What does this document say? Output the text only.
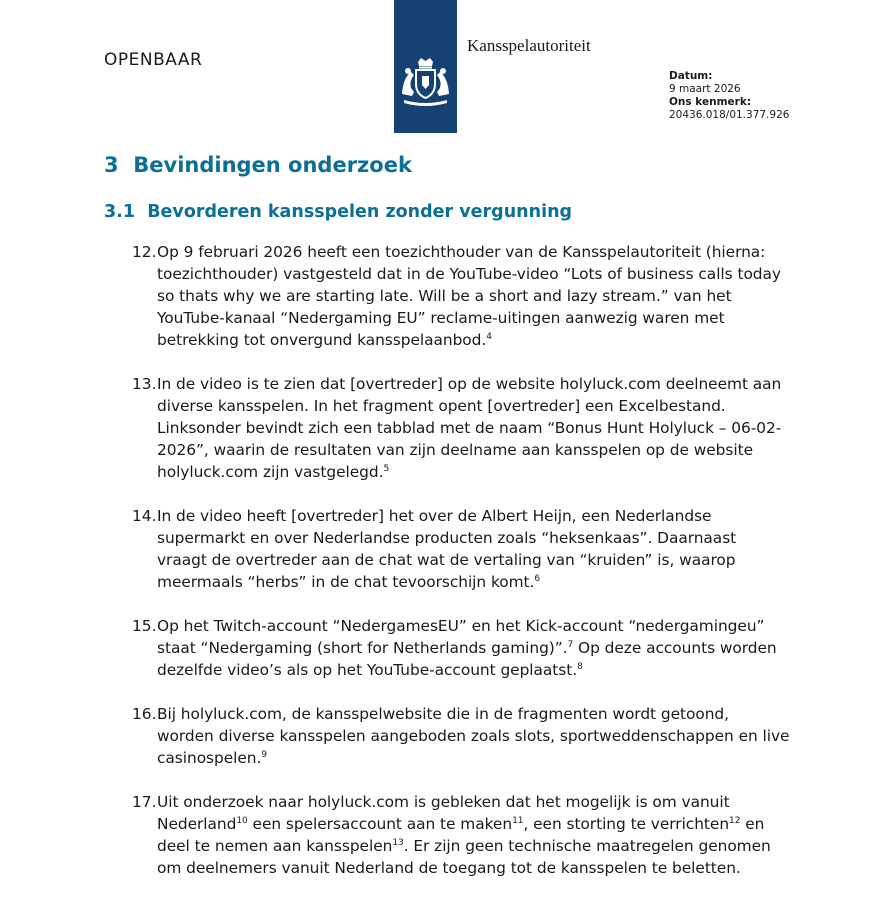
OPENBAAR
Kansspelautoriteit
Datum:
9 maart 2026
Ons kenmerk:
20436.018/01.377.926
3 Bevindingen onderzoek
3.1 Bevorderen kansspelen zonder vergunning
12. Op 9 februari 2026 heeft een toezichthouder van de Kansspelautoriteit (hierna: toezichthouder) vastgesteld dat in de YouTube-video “Lots of business calls today so thats why we are starting late. Will be a short and lazy stream.” van het YouTube-kanaal “Nedergaming EU” reclame-uitingen aanwezig waren met betrekking tot onvergund kansspelaanbod.$^4$
13. In de video is te zien dat [overtreder] op de website holyluck.com deelneemt aan diverse kansspelen. In het fragment opent [overtreder] een Excelbestand. Linksonder bevindt zich een tabblad met de naam “Bonus Hunt Holyluck – 06-02-2026”, waarin de resultaten van zijn deelname aan kansspelen op de website holyluck.com zijn vastgelegd.$^5$
14. In de video heeft [overtreder] het over de Albert Heijn, een Nederlandse supermarkt en over Nederlandse producten zoals “heksenkaas”. Daarnaast vraagt de overtreder aan de chat wat de vertaling van “kruiden” is, waarop meermaals “herbs” in de chat tevoorschijn komt.$^6$
15. Op het Twitch-account “NedergamesEU” en het Kick-account “nedergamingeu” staat “Nedergaming (short for Netherlands gaming)”.$^7$ Op deze accounts worden dezelfde video’s als op het YouTube-account geplaatst.$^8$
16. Bij holyluck.com, de kansspelwebsite die in de fragmenten wordt getoond, worden diverse kansspelen aangeboden zoals slots, sportweddenschappen en live casinospelen.$^9$
17. Uit onderzoek naar holyluck.com is gebleken dat het mogelijk is om vanuit Nederland$^{10}$ een spelersaccount aan te maken$^{11}$, een storting te verrichten$^{12}$ en deel te nemen aan kansspelen$^{13}$. Er zijn geen technische maatregelen genomen om deelnemers vanuit Nederland de toegang tot de kansspelen te beletten.
